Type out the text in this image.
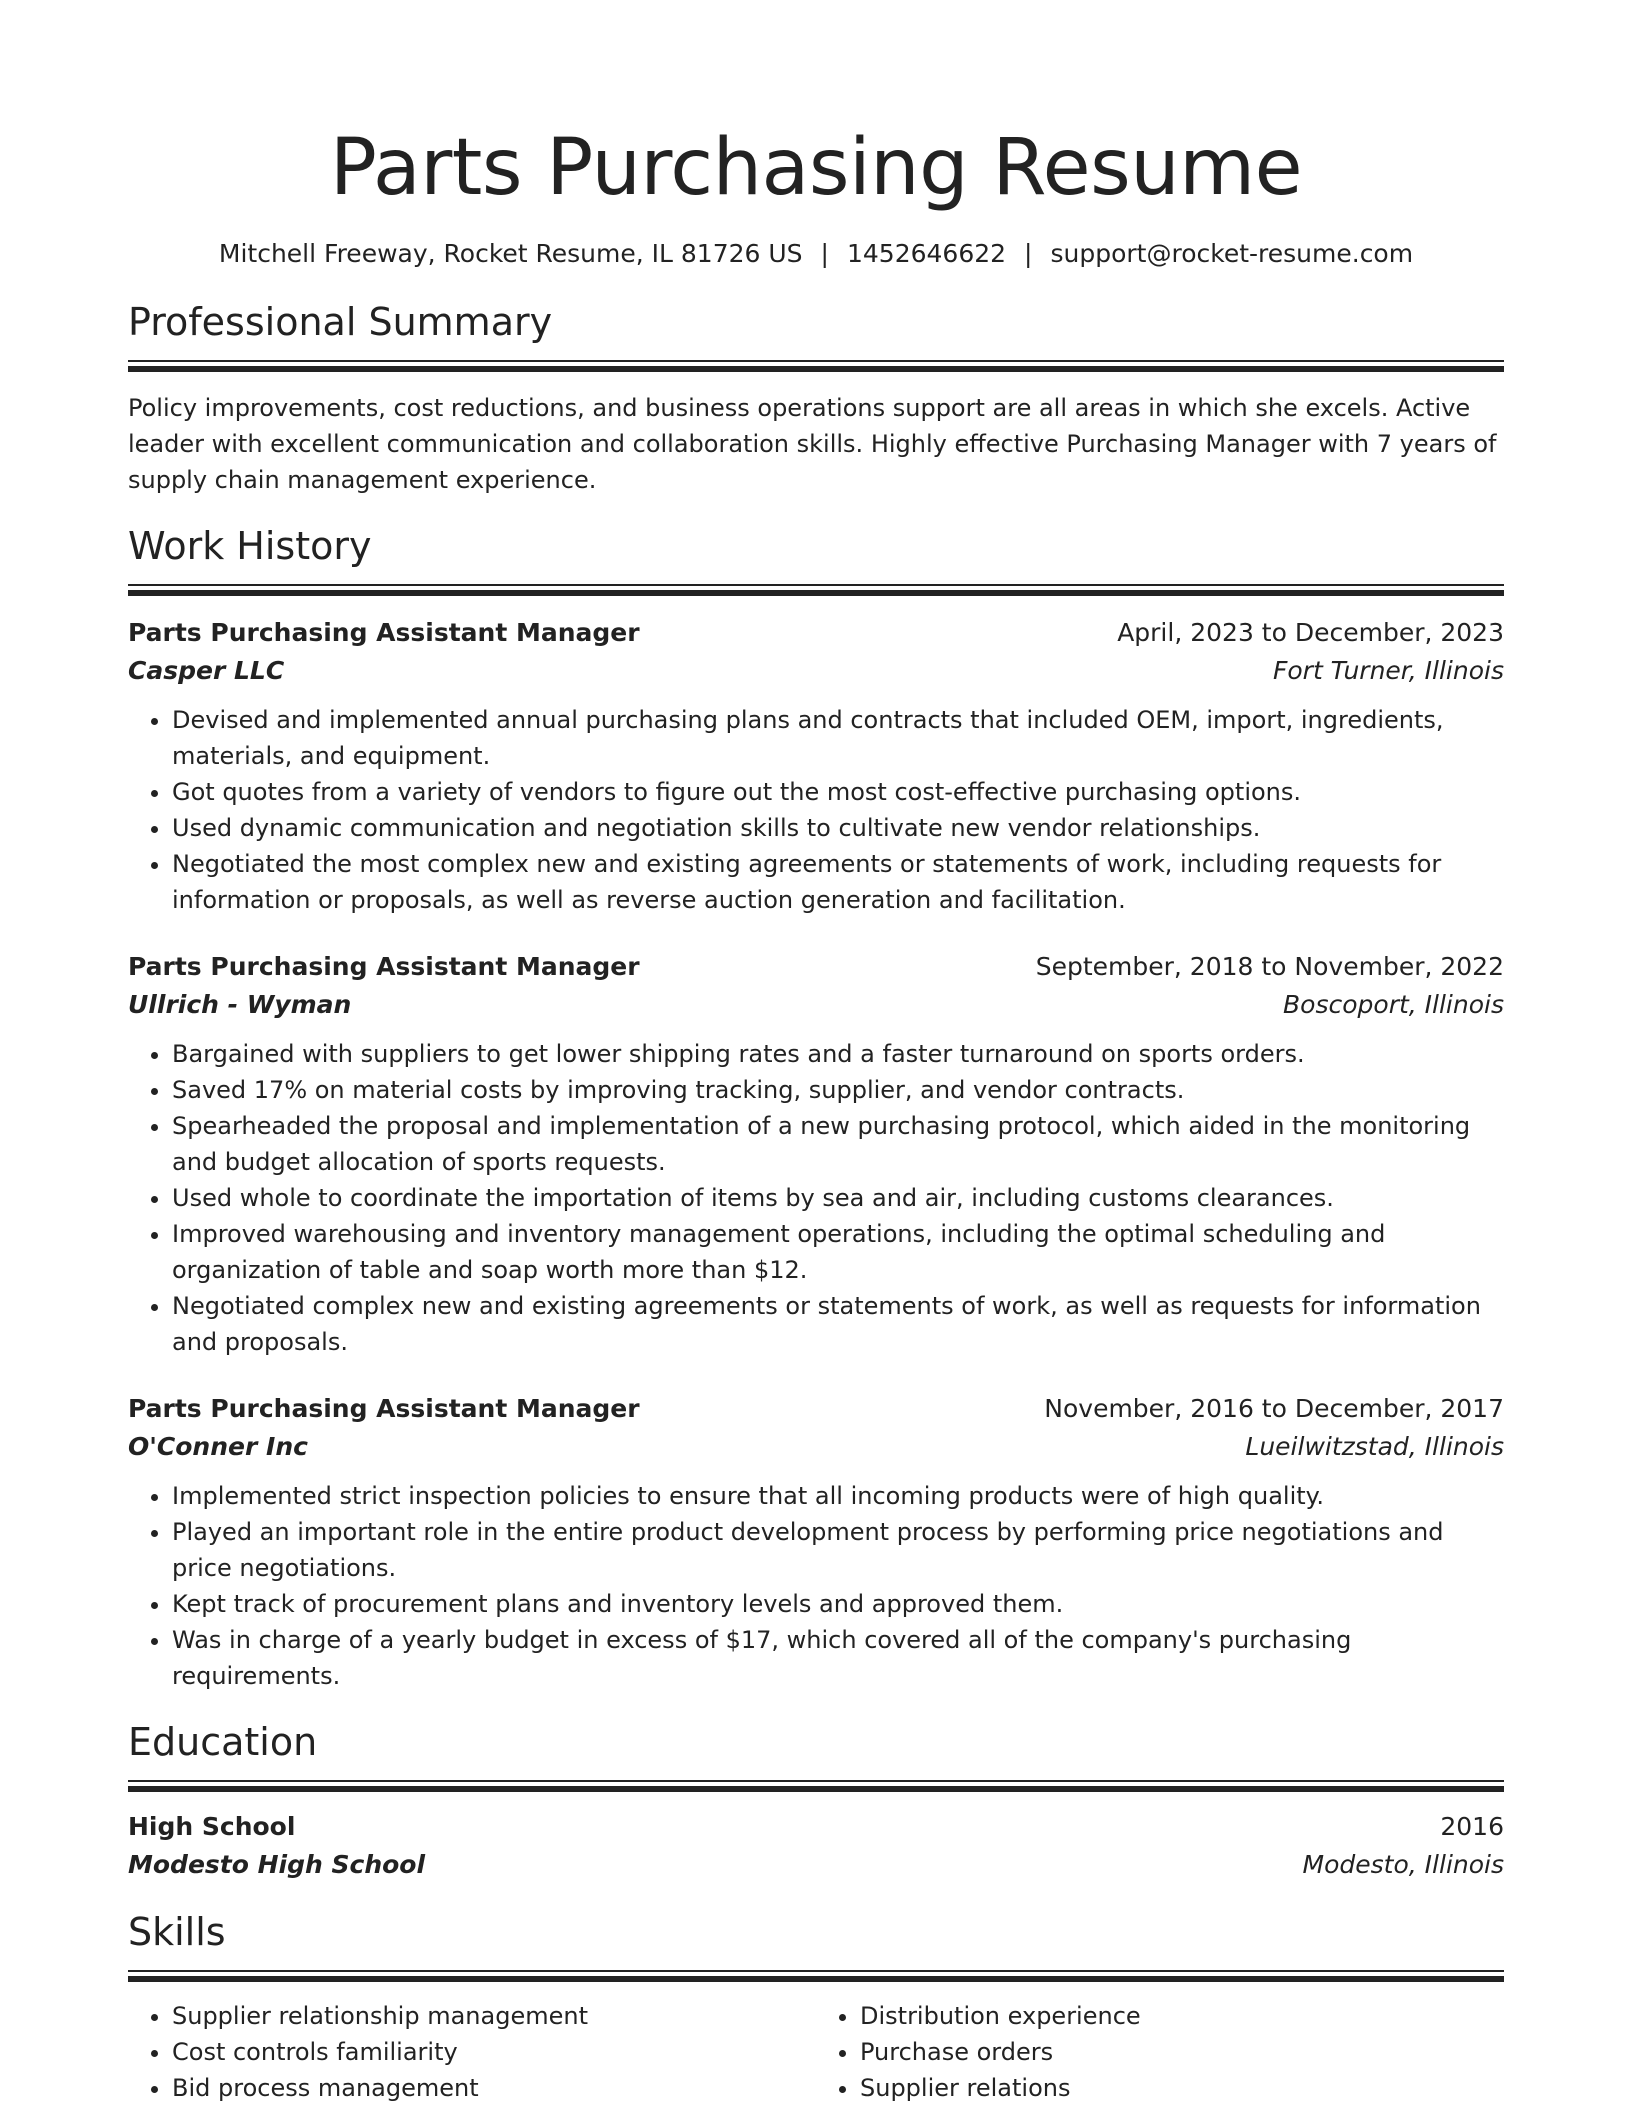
Parts Purchasing Resume
Mitchell Freeway, Rocket Resume, IL 81726 US | 1452646622 | support@rocket-resume.com
Professional Summary

Policy improvements, cost reductions, and business operations support are all areas in which she excels. Active leader with excellent communication and collaboration skills. Highly effective Purchasing Manager with 7 years of supply chain management experience.

Work History
Parts Purchasing Assistant Manager	April, 2023 to December, 2023
Casper LLC	Fort Turner, Illinois
• Devised and implemented annual purchasing plans and contracts that included OEM, import, ingredients, materials, and equipment.
• Got quotes from a variety of vendors to figure out the most cost-effective purchasing options.
• Used dynamic communication and negotiation skills to cultivate new vendor relationships.
• Negotiated the most complex new and existing agreements or statements of work, including requests for information or proposals, as well as reverse auction generation and facilitation.
Parts Purchasing Assistant Manager	September, 2018 to November, 2022
Ullrich - Wyman	Boscoport, Illinois
• Bargained with suppliers to get lower shipping rates and a faster turnaround on sports orders.
• Saved 17% on material costs by improving tracking, supplier, and vendor contracts.
• Spearheaded the proposal and implementation of a new purchasing protocol, which aided in the monitoring and budget allocation of sports requests.
• Used whole to coordinate the importation of items by sea and air, including customs clearances.
• Improved warehousing and inventory management operations, including the optimal scheduling and organization of table and soap worth more than $12.
• Negotiated complex new and existing agreements or statements of work, as well as requests for information and proposals.
Parts Purchasing Assistant Manager	November, 2016 to December, 2017
O'Conner Inc	Lueilwitzstad, Illinois
• Implemented strict inspection policies to ensure that all incoming products were of high quality.
• Played an important role in the entire product development process by performing price negotiations and price negotiations.
• Kept track of procurement plans and inventory levels and approved them.
• Was in charge of a yearly budget in excess of $17, which covered all of the company's purchasing requirements.
Education
High School	2016
Modesto High School	Modesto, Illinois
Skills
• Supplier relationship management
• Cost controls familiarity
• Bid process management
• Distribution experience
• Purchase orders
• Supplier relations
